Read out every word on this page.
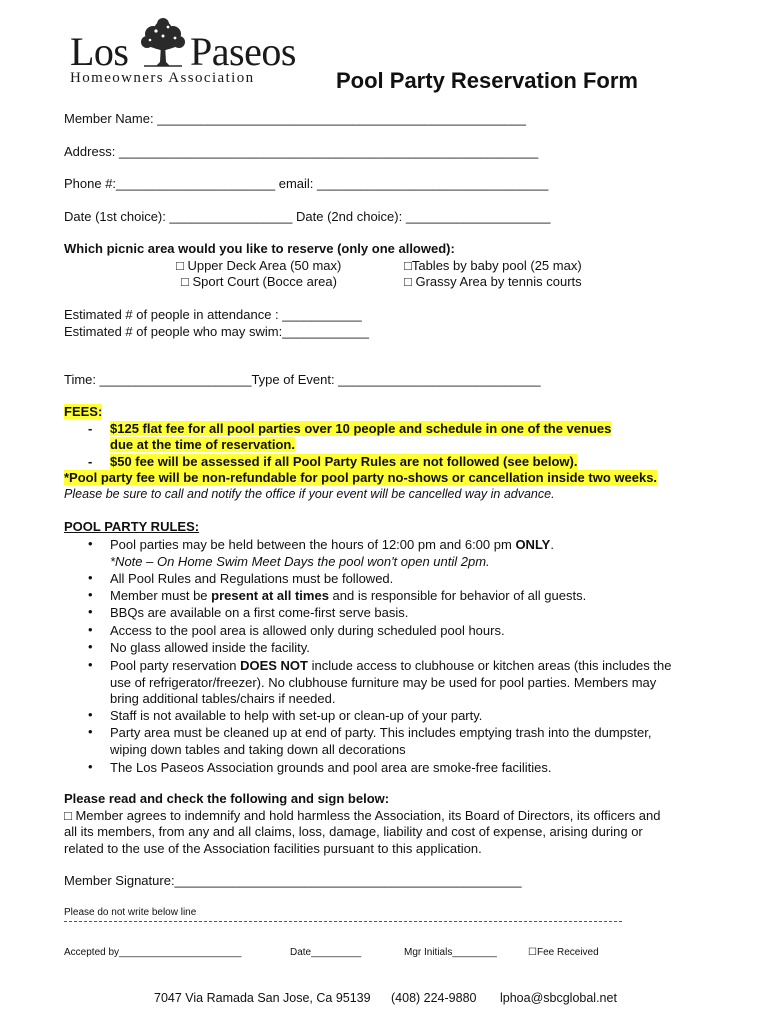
Los Paseos
Homeowners Association	Pool Party Reservation Form
Member Name: ___________________________________________________
Address: __________________________________________________________
Phone #:______________________ email: ________________________________
Date (1st choice): _________________ Date (2nd choice): ____________________
Which picnic area would you like to reserve (only one allowed):
□ Upper Deck Area (50 max)	□Tables by baby pool (25 max)
□ Sport Court (Bocce area)	□ Grassy Area by tennis courts
Estimated # of people in attendance : ___________
Estimated # of people who may swim:____________
Time: _____________________Type of Event: ____________________________
FEES:
- $125 flat fee for all pool parties over 10 people and schedule in one of the venues
due at the time of reservation.
- $50 fee will be assessed if all Pool Party Rules are not followed (see below).
*Pool party fee will be non-refundable for pool party no-shows or cancellation inside two weeks.
Please be sure to call and notify the office if your event will be cancelled way in advance.
POOL PARTY RULES:
• Pool parties may be held between the hours of 12:00 pm and 6:00 pm ONLY.
*Note – On Home Swim Meet Days the pool won't open until 2pm.
• All Pool Rules and Regulations must be followed.
• Member must be present at all times and is responsible for behavior of all guests.
• BBQs are available on a first come-first serve basis.
• Access to the pool area is allowed only during scheduled pool hours.
• No glass allowed inside the facility.
• Pool party reservation DOES NOT include access to clubhouse or kitchen areas (this includes the
use of refrigerator/freezer). No clubhouse furniture may be used for pool parties. Members may
bring additional tables/chairs if needed.
• Staff is not available to help with set-up or clean-up of your party.
• Party area must be cleaned up at end of party. This includes emptying trash into the dumpster,
wiping down tables and taking down all decorations
• The Los Paseos Association grounds and pool area are smoke-free facilities.
Please read and check the following and sign below:
□ Member agrees to indemnify and hold harmless the Association, its Board of Directors, its officers and
all its members, from any and all claims, loss, damage, liability and cost of expense, arising during or
related to the use of the Association facilities pursuant to this application.
Member Signature:________________________________________________
Please do not write below line
Accepted by______________________	Date_________	Mgr Initials________	☐Fee Received
7047 Via Ramada San Jose, Ca 95139 (408) 224-9880 lphoa@sbcglobal.net
